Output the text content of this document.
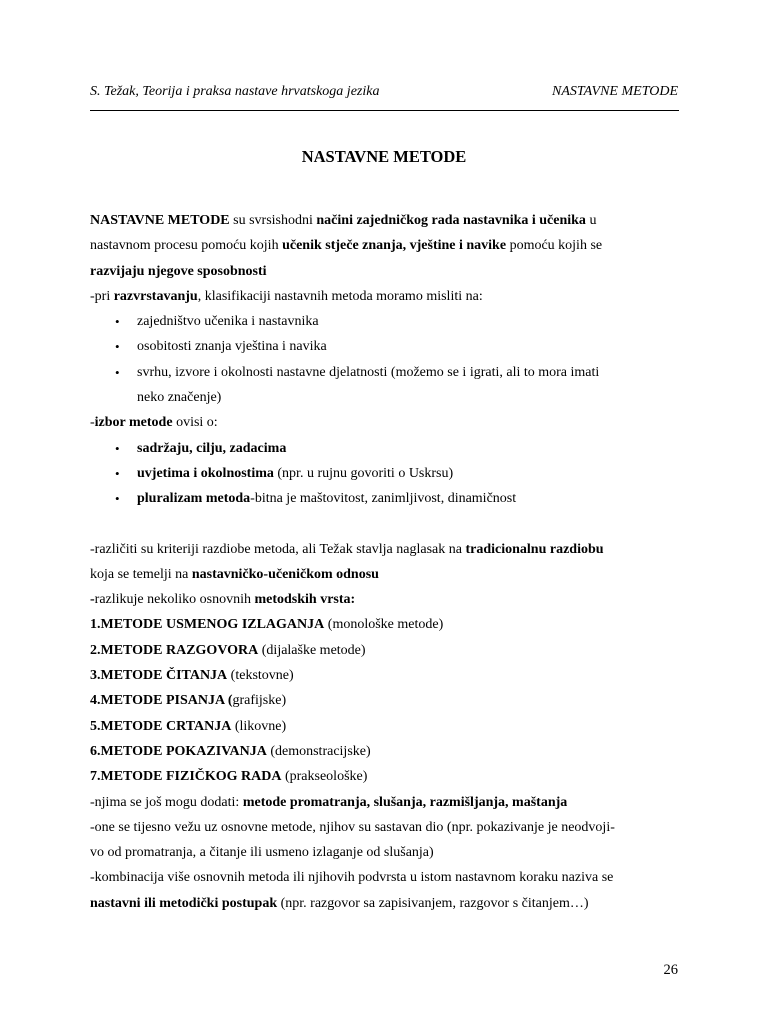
S. Težak, Teorija i praksa nastave hrvatskoga jezika	NASTAVNE METODE
NASTAVNE METODE
NASTAVNE METODE su svrsishodni načini zajedničkog rada nastavnika i učenika u
nastavnom procesu pomoću kojih učenik stječe znanja, vještine i navike pomoću kojih se
razvijaju njegove sposobnosti
-pri razvrstavanju, klasifikaciji nastavnih metoda moramo misliti na:
• zajedništvo učenika i nastavnika
• osobitosti znanja vještina i navika
• svrhu, izvore i okolnosti nastavne djelatnosti (možemo se i igrati, ali to mora imati
neko značenje)
-izbor metode ovisi o:
• sadržaju, cilju, zadacima
• uvjetima i okolnostima (npr. u rujnu govoriti o Uskrsu)
• pluralizam metoda-bitna je maštovitost, zanimljivost, dinamičnost
-različiti su kriteriji razdiobe metoda, ali Težak stavlja naglasak na tradicionalnu razdiobu
koja se temelji na nastavničko-učeničkom odnosu
-razlikuje nekoliko osnovnih metodskih vrsta:
1.METODE USMENOG IZLAGANJA (monološke metode)
2.METODE RAZGOVORA (dijalaške metode)
3.METODE ČITANJA (tekstovne)
4.METODE PISANJA (grafijske)
5.METODE CRTANJA (likovne)
6.METODE POKAZIVANJA (demonstracijske)
7.METODE FIZIČKOG RADA (prakseološke)
-njima se još mogu dodati: metode promatranja, slušanja, razmišljanja, maštanja
-one se tijesno vežu uz osnovne metode, njihov su sastavan dio (npr. pokazivanje je neodvoji-
vo od promatranja, a čitanje ili usmeno izlaganje od slušanja)
-kombinacija više osnovnih metoda ili njihovih podvrsta u istom nastavnom koraku naziva se
nastavni ili metodički postupak (npr. razgovor sa zapisivanjem, razgovor s čitanjem…)
26
